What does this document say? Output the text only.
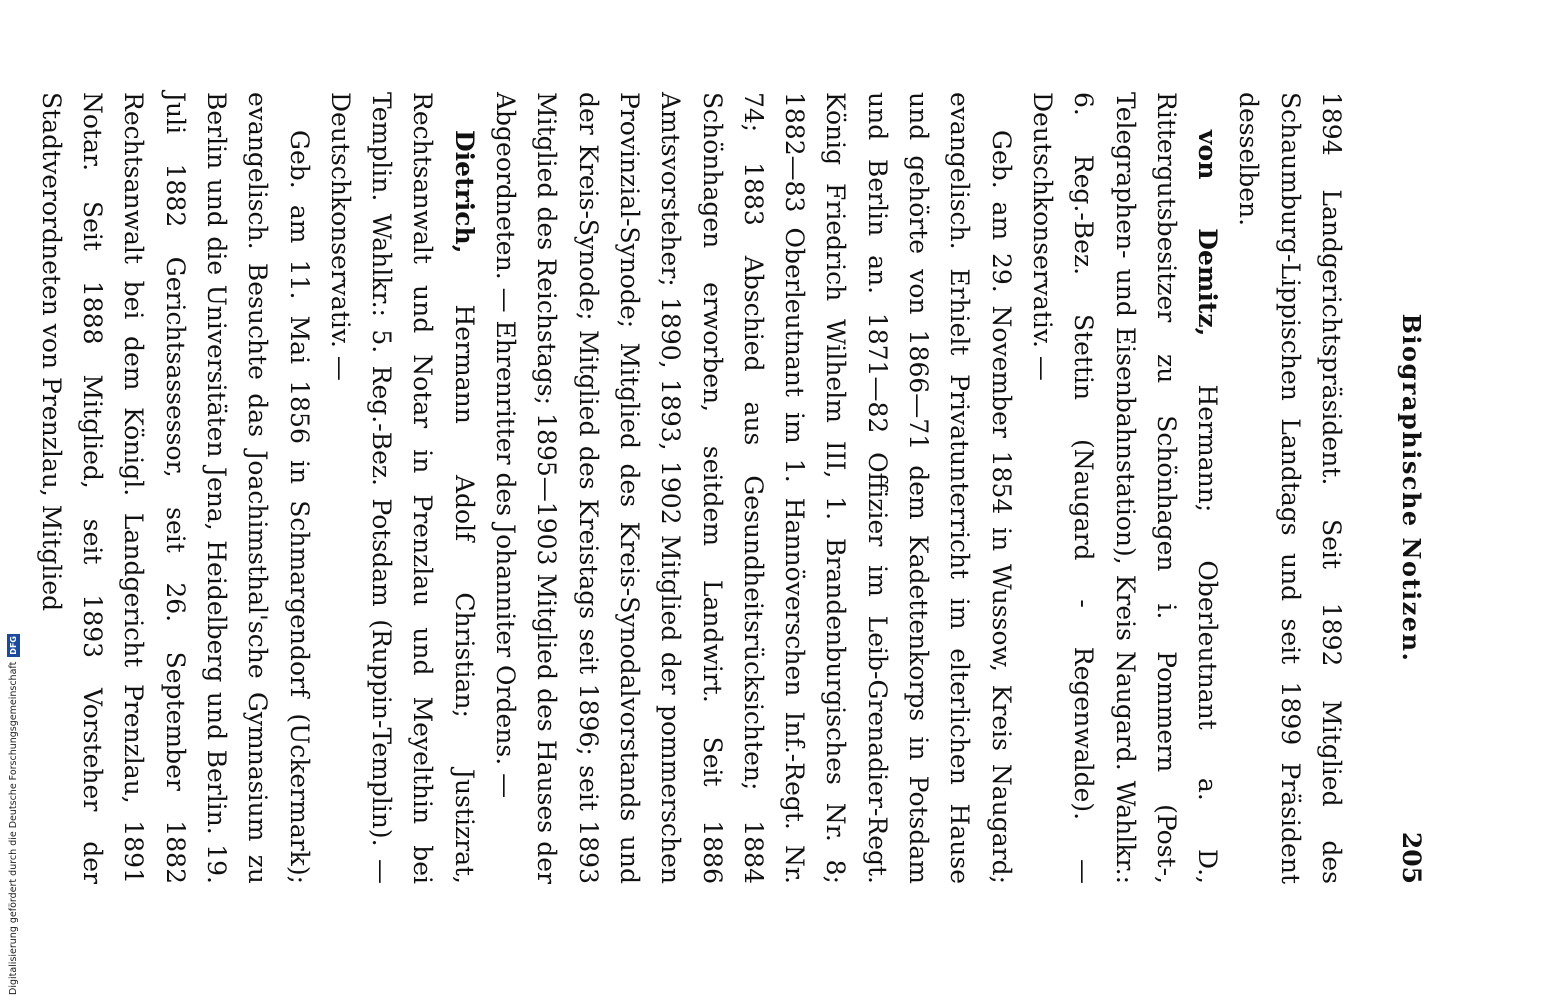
Biographische Notizen.
205

1894 Landgerichtspräsident. Seit 1892 Mitglied des Schaumburg-Lippischen Landtags und seit 1899 Präsident desselben.

von Demitz, Hermann; Oberleutnant a. D., Rittergutsbesitzer zu Schönhagen i. Pommern (Post-, Telegraphen- und Eisenbahnstation), Kreis Naugard. Wahlkr.: 6. Reg.-Bez. Stettin (Naugard - Regenwalde). — Deutschkonservativ. —

Geb. am 29. November 1854 in Wussow, Kreis Naugard; evangelisch. Erhielt Privatunterricht im elterlichen Hause und gehörte von 1866—71 dem Kadettenkorps in Potsdam und Berlin an. 1871—82 Offizier im Leib-Grenadier-Regt. König Friedrich Wilhelm III, 1. Brandenburgisches Nr. 8; 1882—83 Oberleutnant im 1. Hannöverschen Inf.-Regt. Nr. 74; 1883 Abschied aus Gesundheitsrücksichten; 1884 Schönhagen erworben, seitdem Landwirt. Seit 1886 Amtsvorsteher; 1890, 1893, 1902 Mitglied der pommerschen Provinzial-Synode; Mitglied des Kreis-Synodalvorstands und der Kreis-Synode; Mitglied des Kreistags seit 1896; seit 1893 Mitglied des Reichstags; 1895—1903 Mitglied des Hauses der Abgeordneten. — Ehrenritter des Johanniter Ordens. —

Dietrich, Hermann Adolf Christian; Justizrat, Rechtsanwalt und Notar in Prenzlau und Meyelthin bei Templin. Wahlkr.: 5. Reg.-Bez. Potsdam (Ruppin-Templin). — Deutschkonservativ. —

Geb. am 11. Mai 1856 in Schmargendorf (Uckermark); evangelisch. Besuchte das Joachimsthal'sche Gymnasium zu Berlin und die Universitäten Jena, Heidelberg und Berlin. 19. Juli 1882 Gerichtsassessor, seit 26. September 1882 Rechtsanwalt bei dem Königl. Landgericht Prenzlau, 1891 Notar. Seit 1888 Mitglied, seit 1893 Vorsteher der Stadtverordneten von Prenzlau, Mitglied

Digitalisierung gefördert durch die Deutsche Forschungsgemeinschaft
DFG
